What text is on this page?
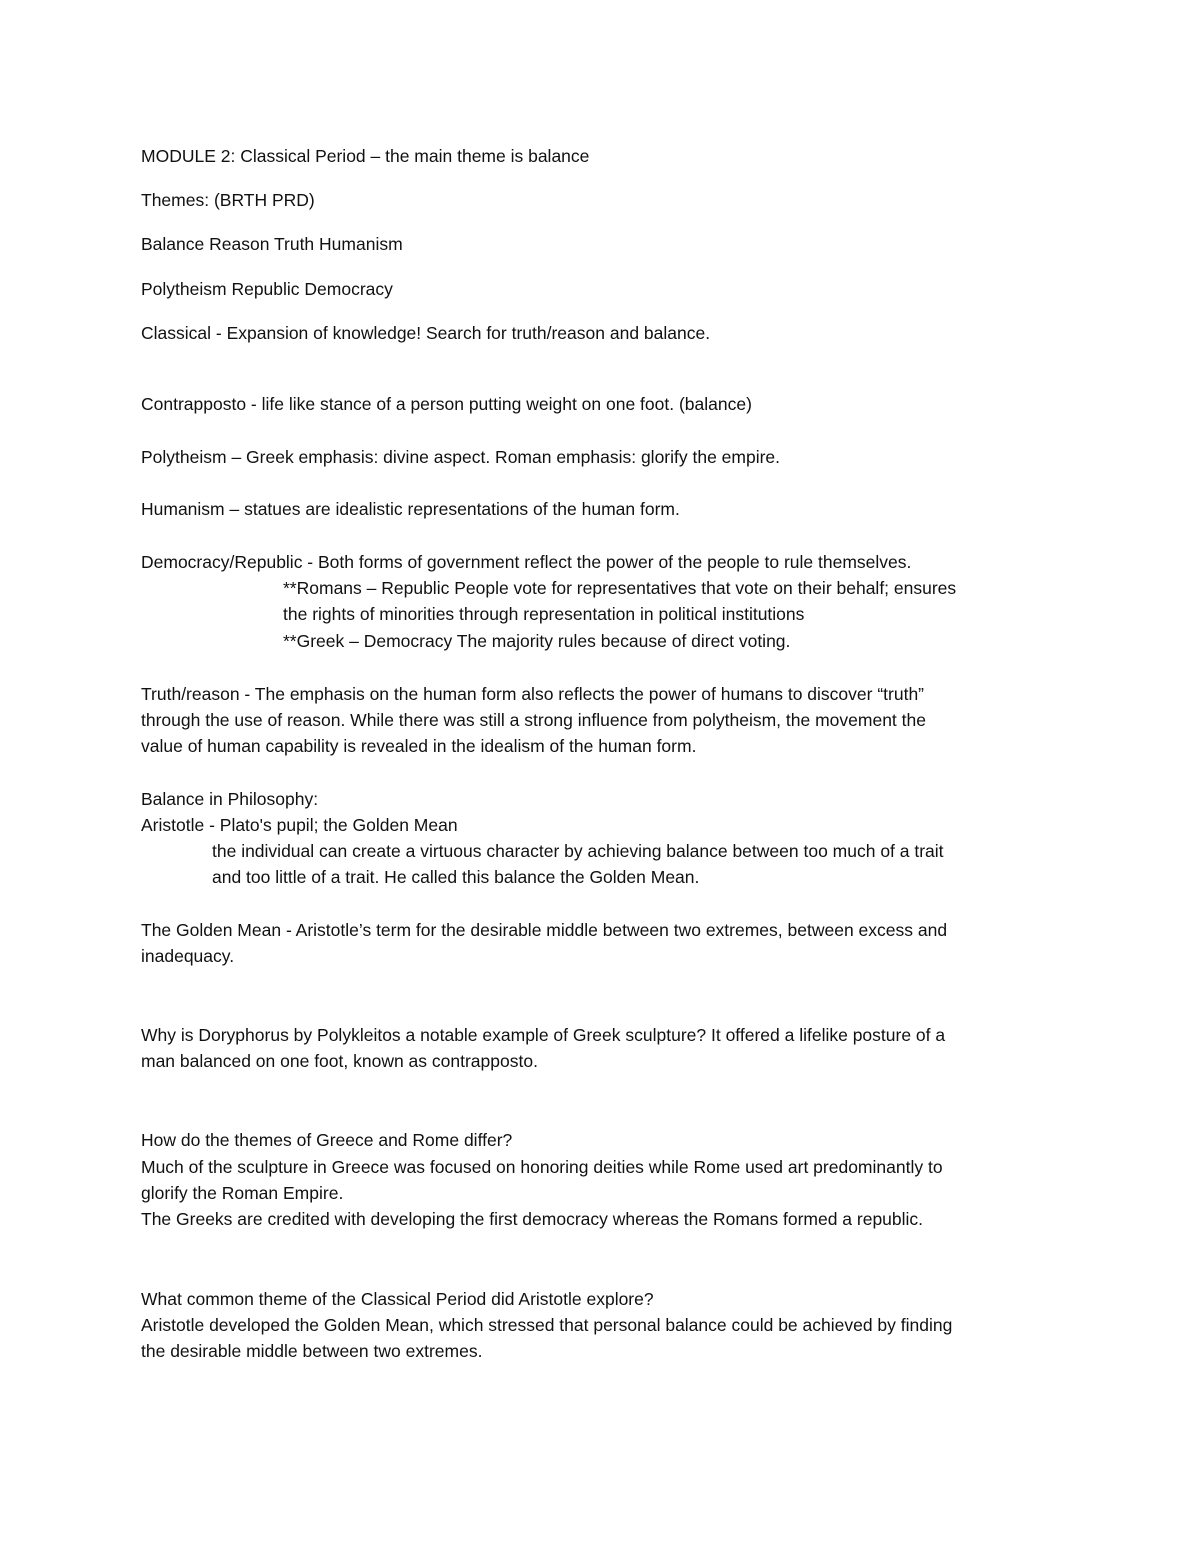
MODULE 2: Classical Period – the main theme is balance
Themes: (BRTH PRD)
Balance Reason Truth Humanism
Polytheism Republic Democracy
Classical - Expansion of knowledge! Search for truth/reason and balance.
Contrapposto - life like stance of a person putting weight on one foot. (balance)
Polytheism – Greek emphasis: divine aspect. Roman emphasis: glorify the empire.
Humanism – statues are idealistic representations of the human form.
Democracy/Republic - Both forms of government reflect the power of the people to rule themselves.
**Romans – Republic People vote for representatives that vote on their behalf; ensures
the rights of minorities through representation in political institutions
**Greek – Democracy The majority rules because of direct voting.
Truth/reason - The emphasis on the human form also reflects the power of humans to discover “truth”
through the use of reason. While there was still a strong influence from polytheism, the movement the
value of human capability is revealed in the idealism of the human form.
Balance in Philosophy:
Aristotle - Plato's pupil; the Golden Mean
the individual can create a virtuous character by achieving balance between too much of a trait
and too little of a trait. He called this balance the Golden Mean.
The Golden Mean - Aristotle’s term for the desirable middle between two extremes, between excess and
inadequacy.
Why is Doryphorus by Polykleitos a notable example of Greek sculpture? It offered a lifelike posture of a
man balanced on one foot, known as contrapposto.
How do the themes of Greece and Rome differ?
Much of the sculpture in Greece was focused on honoring deities while Rome used art predominantly to
glorify the Roman Empire.
The Greeks are credited with developing the first democracy whereas the Romans formed a republic.
What common theme of the Classical Period did Aristotle explore?
Aristotle developed the Golden Mean, which stressed that personal balance could be achieved by finding
the desirable middle between two extremes.
